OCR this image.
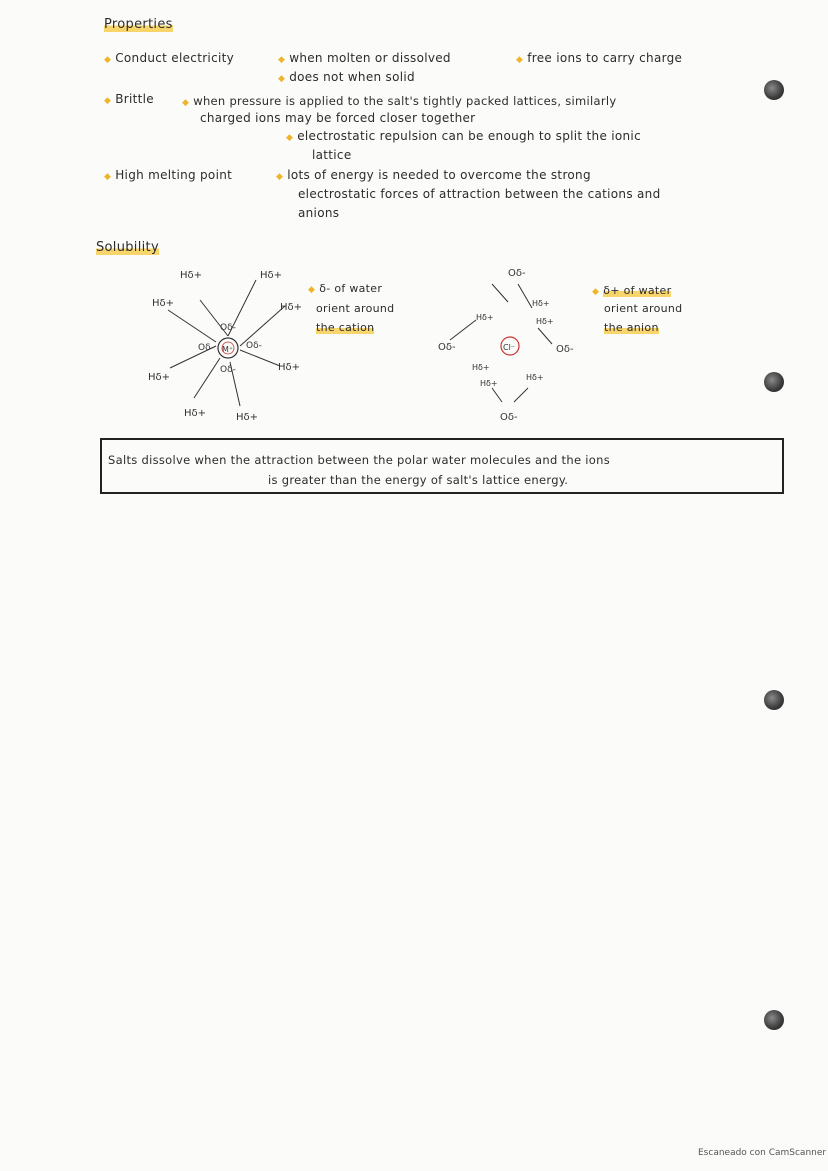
Properties
◆ Conduct electricity	◆ when molten or dissolved	◆ free ions to carry charge
◆ does not when solid
◆ Brittle	◆ when pressure is applied to the salt's tightly packed lattices, similarly
charged ions may be forced closer together
◆ electrostatic repulsion can be enough to split the ionic
lattice
◆ High melting point	◆ lots of energy is needed to overcome the strong
electrostatic forces of attraction between the cations and
anions
Solubility
M⁺
Hδ+	Hδ+
Hδ+	Hδ+
Hδ+
Hδ+
Hδ+	Hδ+
Oδ-	Oδ-
Oδ-
Oδ-
◆ δ- of water
orient around
the cation
Cl⁻
Oδ-
Oδ-	Oδ-
Oδ-
Hδ+
Hδ+
Hδ+
Hδ+
Hδ+
Hδ+
◆ δ+ of water
orient around
the anion
Salts dissolve when the attraction between the polar water molecules and the ions
is greater than the energy of salt's lattice energy.
Escaneado con CamScanner
